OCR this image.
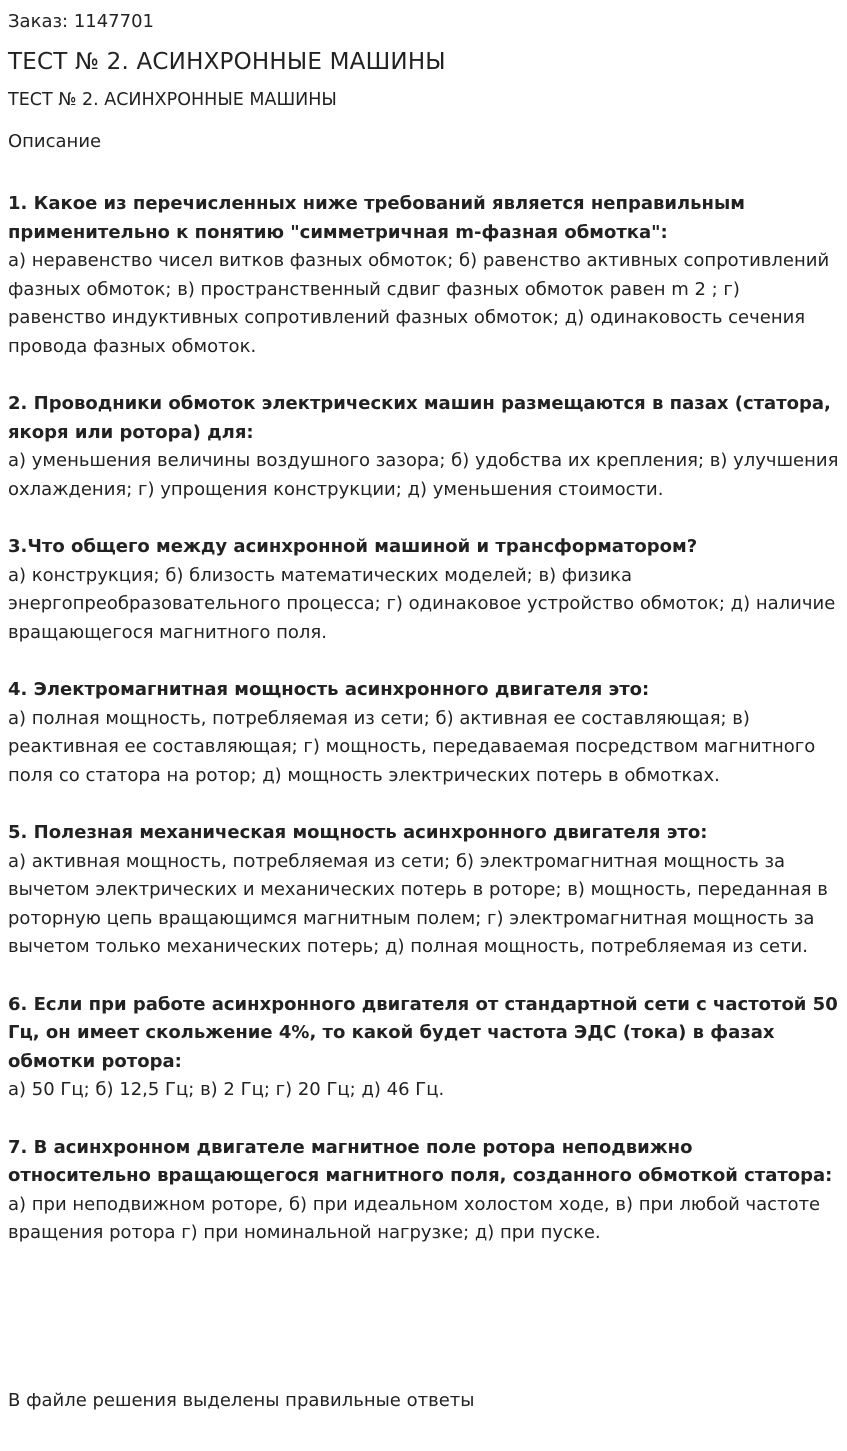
Заказ: 1147701

ТЕСТ № 2. АСИНХРОННЫЕ МАШИНЫ
ТЕСТ № 2. АСИНХРОННЫЕ МАШИНЫ

Описание

1. Какое из перечисленных ниже требований является неправильным применительно к понятию "симметричная m-фазная обмотка":
а) неравенство чисел витков фазных обмоток; б) равенство активных сопротивлений фазных обмоток; в) пространственный сдвиг фазных обмоток равен m 2 ; г) равенство индуктивных сопротивлений фазных обмоток; д) одинаковость сечения провода фазных обмоток.
2. Проводники обмоток электрических машин размещаются в пазах (статора, якоря или ротора) для:
а) уменьшения величины воздушного зазора; б) удобства их крепления; в) улучшения охлаждения; г) упрощения конструкции; д) уменьшения стоимости.
3.Что общего между асинхронной машиной и трансформатором?
а) конструкция; б) близость математических моделей; в) физика энергопреобразовательного процесса; г) одинаковое устройство обмоток; д) наличие вращающегося магнитного поля.
4. Электромагнитная мощность асинхронного двигателя это:
а) полная мощность, потребляемая из сети; б) активная ее составляющая; в) реактивная ее составляющая; г) мощность, передаваемая посредством магнитного поля со статора на ротор; д) мощность электрических потерь в обмотках.
5. Полезная механическая мощность асинхронного двигателя это:
а) активная мощность, потребляемая из сети; б) электромагнитная мощность за вычетом электрических и механических потерь в роторе; в) мощность, переданная в роторную цепь вращающимся магнитным полем; г) электромагнитная мощность за вычетом только механических потерь; д) полная мощность, потребляемая из сети.
6. Если при работе асинхронного двигателя от стандартной сети с частотой 50 Гц, он имеет скольжение 4%, то какой будет частота ЭДС (тока) в фазах обмотки ротора:
а) 50 Гц; б) 12,5 Гц; в) 2 Гц; г) 20 Гц; д) 46 Гц.
7. В асинхронном двигателе магнитное поле ротора неподвижно относительно вращающегося магнитного поля, созданного обмоткой статора:
а) при неподвижном роторе, б) при идеальном холостом ходе, в) при любой частоте вращения ротора г) при номинальной нагрузке; д) при пуске.

В файле решения выделены правильные ответы
